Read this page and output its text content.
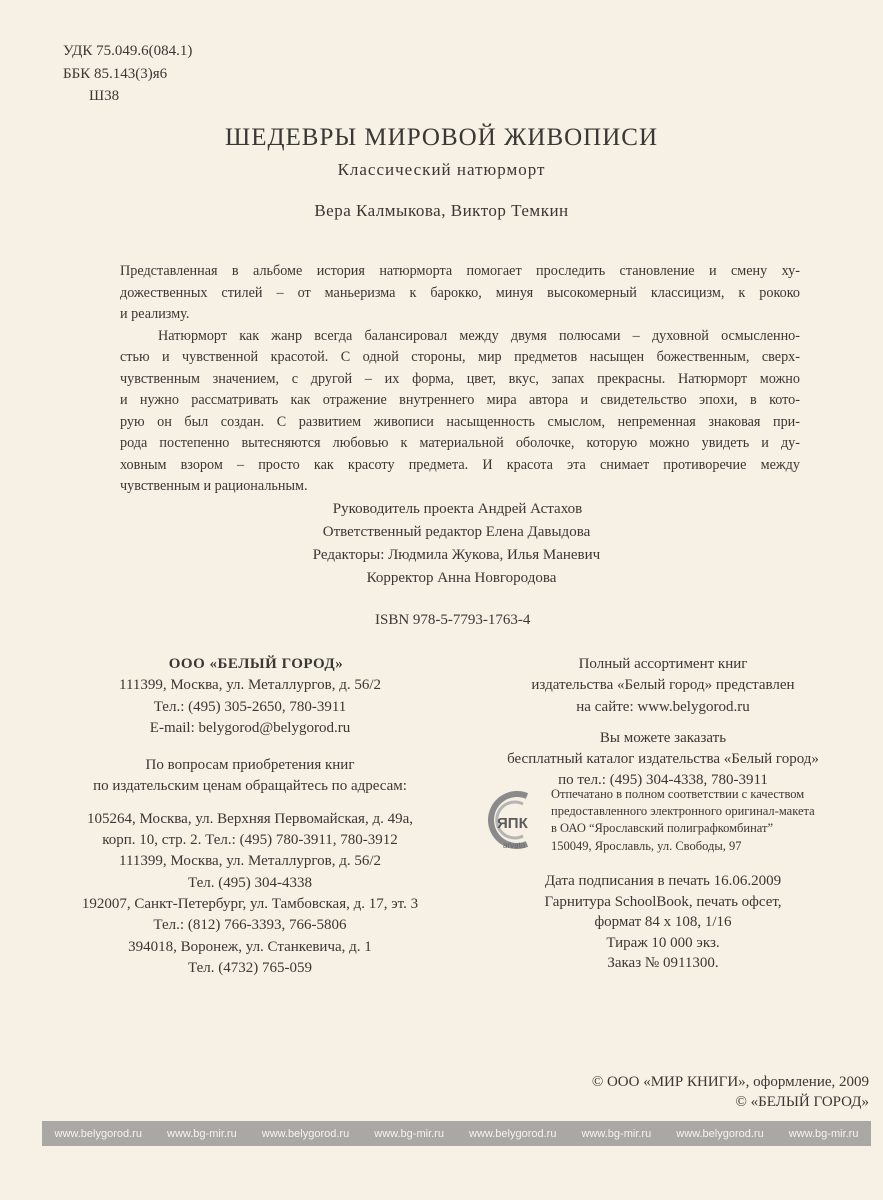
УДК 75.049.6(084.1)
ББК 85.143(3)я6
Ш38
ШЕДЕВРЫ МИРОВОЙ ЖИВОПИСИ
Классический натюрморт
Вера Калмыкова, Виктор Темкин

Представленная в альбоме история натюрморта помогает проследить становление и смену ху-
дожественных стилей – от маньеризма к барокко, минуя высокомерный классицизм, к рококо
и реализму.

Натюрморт как жанр всегда балансировал между двумя полюсами – духовной осмысленно-
стью и чувственной красотой. С одной стороны, мир предметов насыщен божественным, сверх-
чувственным значением, с другой – их форма, цвет, вкус, запах прекрасны. Натюрморт можно
и нужно рассматривать как отражение внутреннего мира автора и свидетельство эпохи, в кото-
рую он был создан. С развитием живописи насыщенность смыслом, непременная знаковая при-
рода постепенно вытесняются любовью к материальной оболочке, которую можно увидеть и ду-
ховным взором – просто как красоту предмета. И красота эта снимает противоречие между
чувственным и рациональным.

Руководитель проекта Андрей Астахов
Ответственный редактор Елена Давыдова
Редакторы: Людмила Жукова, Илья Маневич
Корректор Анна Новгородова
ISBN 978-5-7793-1763-4
ООО «БЕЛЫЙ ГОРОД»
111399, Москва, ул. Металлургов, д. 56/2
Тел.: (495) 305-2650, 780-3911
E-mail: belygorod@belygorod.ru
По вопросам приобретения книг
по издательским ценам обращайтесь по адресам:
105264, Москва, ул. Верхняя Первомайская, д. 49а,
корп. 10, стр. 2. Тел.: (495) 780-3911, 780-3912
111399, Москва, ул. Металлургов, д. 56/2
Тел. (495) 304-4338
192007, Санкт-Петербург, ул. Тамбовская, д. 17, эт. 3
Тел.: (812) 766-3393, 766-5806
394018, Воронеж, ул. Станкевича, д. 1
Тел. (4732) 765-059
Полный ассортимент книг
издательства «Белый город» представлен
на сайте: www.belygorod.ru
Вы можете заказать
бесплатный каталог издательства «Белый город»
по тел.: (495) 304-4338, 780-3911
ЯПК
arvato
Отпечатано в полном соответствии с качеством
предоставленного электронного оригинал-макета
в ОАО “Ярославский полиграфкомбинат”
150049, Ярославль, ул. Свободы, 97
Дата подписания в печать 16.06.2009
Гарнитура SchoolBook, печать офсет,
формат 84 х 108, 1/16
Тираж 10 000 экз.
Заказ № 0911300.
© ООО «МИР КНИГИ», оформление, 2009
© «БЕЛЫЙ ГОРОД»
www.belygorod.ru www.bg-mir.ru www.belygorod.ru www.bg-mir.ru www.belygorod.ru www.bg-mir.ru www.belygorod.ru www.bg-mir.ru
